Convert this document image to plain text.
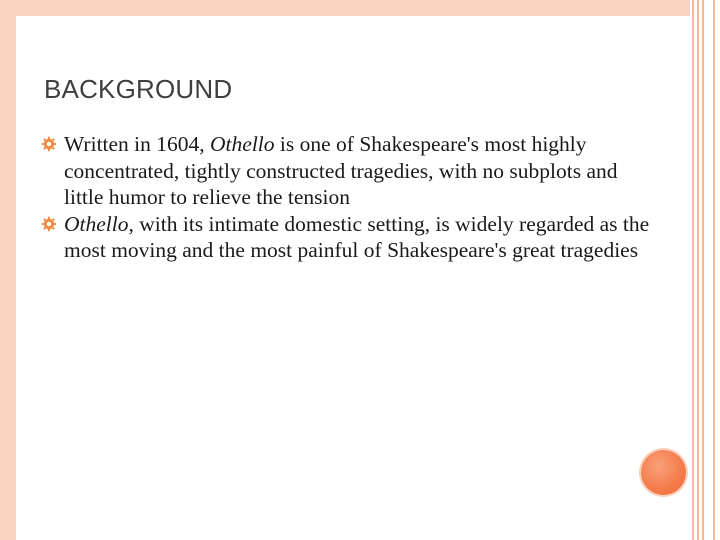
BACKGROUND
Written in 1604, Othello is one of Shakespeare's most highly concentrated, tightly constructed tragedies, with no subplots and little humor to relieve the tension
Othello, with its intimate domestic setting, is widely regarded as the most moving and the most painful of Shakespeare's great tragedies
